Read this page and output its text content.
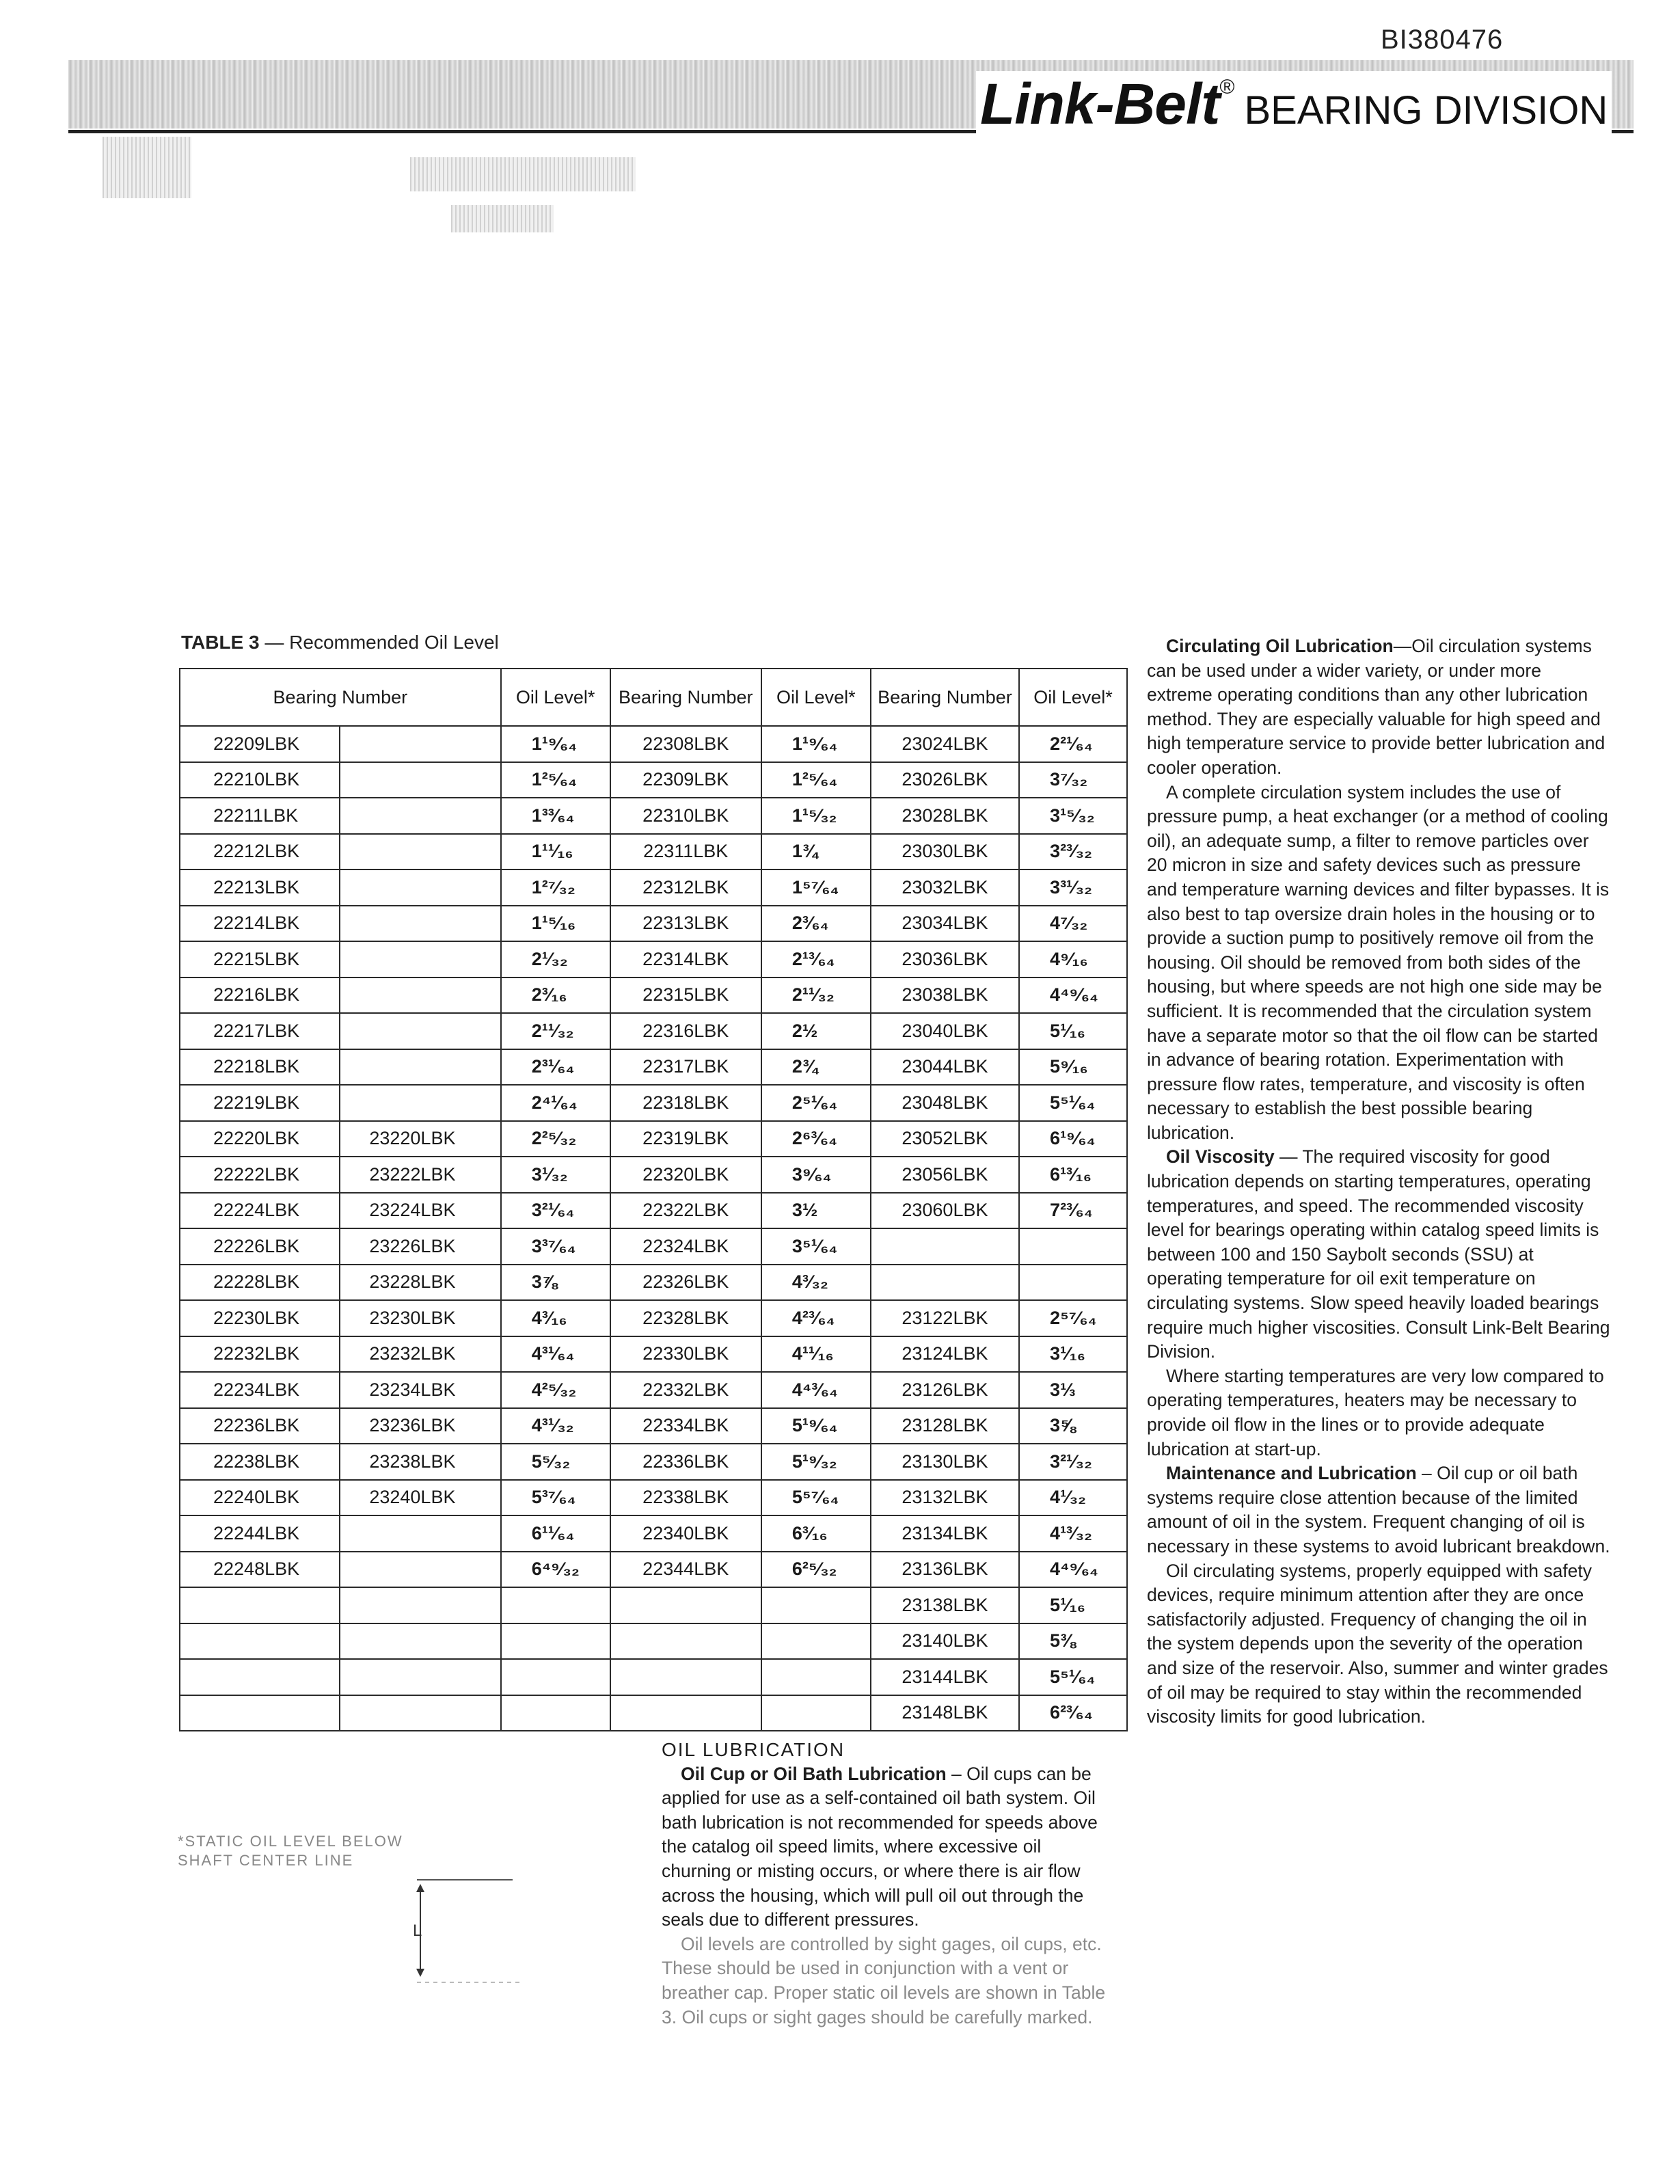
BI380476
Link-Belt ®
BEARING DIVISION
TABLE 3 — Recommended Oil Level
Bearing Number		Oil Level*	Bearing Number	Oil Level*	Bearing Number	Oil Level*
22209LBK		1¹⁹⁄₆₄	22308LBK	1¹⁹⁄₆₄	23024LBK	2²¹⁄₆₄
22210LBK		1²⁵⁄₆₄	22309LBK	1²⁵⁄₆₄	23026LBK	3⁷⁄₃₂
22211LBK		1³³⁄₆₄	22310LBK	1¹⁵⁄₃₂	23028LBK	3¹⁵⁄₃₂
22212LBK		1¹¹⁄₁₆	22311LBK	1¾	23030LBK	3²³⁄₃₂
22213LBK		1²⁷⁄₃₂	22312LBK	1⁵⁷⁄₆₄	23032LBK	3³¹⁄₃₂
22214LBK		1¹⁵⁄₁₆	22313LBK	2³⁄₆₄	23034LBK	4⁷⁄₃₂
22215LBK		2¹⁄₃₂	22314LBK	2¹³⁄₆₄	23036LBK	4⁹⁄₁₆
22216LBK		2³⁄₁₆	22315LBK	2¹¹⁄₃₂	23038LBK	4⁴⁹⁄₆₄
22217LBK		2¹¹⁄₃₂	22316LBK	2½	23040LBK	5¹⁄₁₆
22218LBK		2³¹⁄₆₄	22317LBK	2¾	23044LBK	5⁹⁄₁₆
22219LBK		2⁴¹⁄₆₄	22318LBK	2⁵¹⁄₆₄	23048LBK	5⁵¹⁄₆₄
22220LBK	23220LBK	2²⁵⁄₃₂	22319LBK	2⁶³⁄₆₄	23052LBK	6¹⁹⁄₆₄
22222LBK	23222LBK	3¹⁄₃₂	22320LBK	3⁹⁄₆₄	23056LBK	6¹³⁄₁₆
22224LBK	23224LBK	3²¹⁄₆₄	22322LBK	3½	23060LBK	7²³⁄₆₄
22226LBK	23226LBK	3³⁷⁄₆₄	22324LBK	3⁵¹⁄₆₄		
22228LBK	23228LBK	3⅞	22326LBK	4³⁄₃₂		
22230LBK	23230LBK	4³⁄₁₆	22328LBK	4²³⁄₆₄	23122LBK	2⁵⁷⁄₆₄
22232LBK	23232LBK	4³¹⁄₆₄	22330LBK	4¹¹⁄₁₆	23124LBK	3¹⁄₁₆
22234LBK	23234LBK	4²⁵⁄₃₂	22332LBK	4⁴³⁄₆₄	23126LBK	3⅓
22236LBK	23236LBK	4³¹⁄₃₂	22334LBK	5¹⁹⁄₆₄	23128LBK	3⅝
22238LBK	23238LBK	5⁵⁄₃₂	22336LBK	5¹⁹⁄₃₂	23130LBK	3²¹⁄₃₂
22240LBK	23240LBK	5³⁷⁄₆₄	22338LBK	5⁵⁷⁄₆₄	23132LBK	4¹⁄₃₂
22244LBK		6¹¹⁄₆₄	22340LBK	6³⁄₁₆	23134LBK	4¹³⁄₃₂
22248LBK		6⁴⁹⁄₃₂	22344LBK	6²⁵⁄₃₂	23136LBK	4⁴⁹⁄₆₄
					23138LBK	5¹⁄₁₆
					23140LBK	5⅜
					23144LBK	5⁵¹⁄₆₄
					23148LBK	6²³⁄₆₄

Circulating Oil Lubrication—Oil circulation systems can be used under a wider variety, or under more extreme operating conditions than any other lubrication method. They are especially valuable for high speed and high temperature service to provide better lubrication and cooler operation.

A complete circulation system includes the use of pressure pump, a heat exchanger (or a method of cooling oil), an adequate sump, a filter to remove particles over 20 micron in size and safety devices such as pressure and temperature warning devices and filter bypasses. It is also best to tap oversize drain holes in the housing or to provide a suction pump to positively remove oil from the housing. Oil should be removed from both sides of the housing, but where speeds are not high one side may be sufficient. It is recommended that the circulation system have a separate motor so that the oil flow can be started in advance of bearing rotation. Experimentation with pressure flow rates, temperature, and viscosity is often necessary to establish the best possible bearing lubrication.

Oil Viscosity — The required viscosity for good lubrication depends on starting temperatures, operating temperatures, and speed. The recommended viscosity level for bearings operating within catalog speed limits is between 100 and 150 Saybolt seconds (SSU) at operating temperature for oil exit temperature on circulating systems. Slow speed heavily loaded bearings require much higher viscosities. Consult Link-Belt Bearing Division.

Where starting temperatures are very low compared to operating temperatures, heaters may be necessary to provide oil flow in the lines or to provide adequate lubrication at start-up.

Maintenance and Lubrication – Oil cup or oil bath systems require close attention because of the limited amount of oil in the system. Frequent changing of oil is necessary in these systems to avoid lubricant breakdown.

Oil circulating systems, properly equipped with safety devices, require minimum attention after they are once satisfactorily adjusted. Frequency of changing the oil in the system depends upon the severity of the operation and size of the reservoir. Also, summer and winter grades of oil may be required to stay within the recommended viscosity limits for good lubrication.

OIL LUBRICATION

Oil Cup or Oil Bath Lubrication – Oil cups can be applied for use as a self-contained oil bath system. Oil bath lubrication is not recommended for speeds above the catalog oil speed limits, where excessive oil churning or misting occurs, or where there is air flow across the housing, which will pull oil out through the seals due to different pressures.

Oil levels are controlled by sight gages, oil cups, etc. These should be used in conjunction with a vent or breather cap. Proper static oil levels are shown in Table 3. Oil cups or sight gages should be carefully marked.

*STATIC OIL LEVEL BELOW
SHAFT CENTER LINE
L
